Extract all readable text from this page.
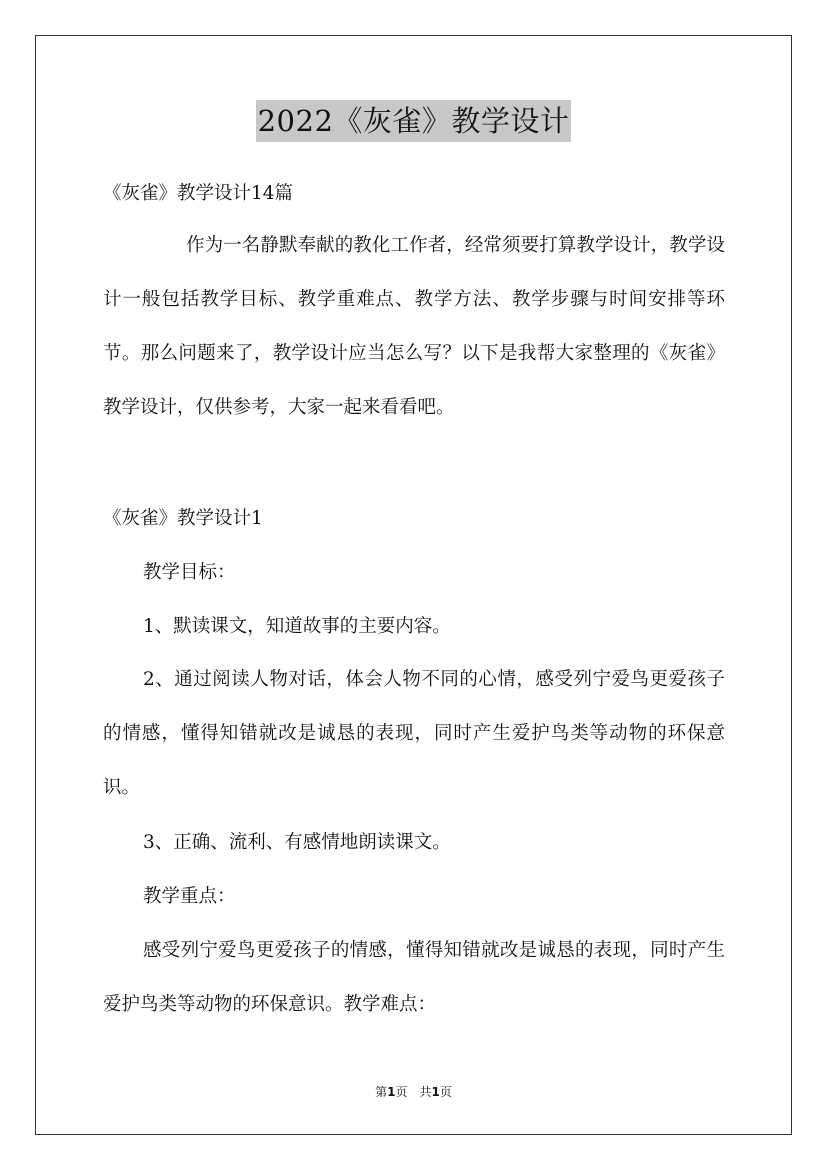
2022《灰雀》教学设计
《灰雀》教学设计14篇
作为一名静默奉献的教化工作者，经常须要打算教学设计，教学设计一般包括教学目标、教学重难点、教学方法、教学步骤与时间安排等环节。那么问题来了，教学设计应当怎么写？以下是我帮大家整理的《灰雀》教学设计，仅供参考，大家一起来看看吧。
《灰雀》教学设计1
教学目标：
1、默读课文，知道故事的主要内容。
2、通过阅读人物对话，体会人物不同的心情，感受列宁爱鸟更爱孩子的情感，懂得知错就改是诚恳的表现，同时产生爱护鸟类等动物的环保意识。
3、正确、流利、有感情地朗读课文。
教学重点：
感受列宁爱鸟更爱孩子的情感，懂得知错就改是诚恳的表现，同时产生爱护鸟类等动物的环保意识。教学难点：
第1页　共1页
